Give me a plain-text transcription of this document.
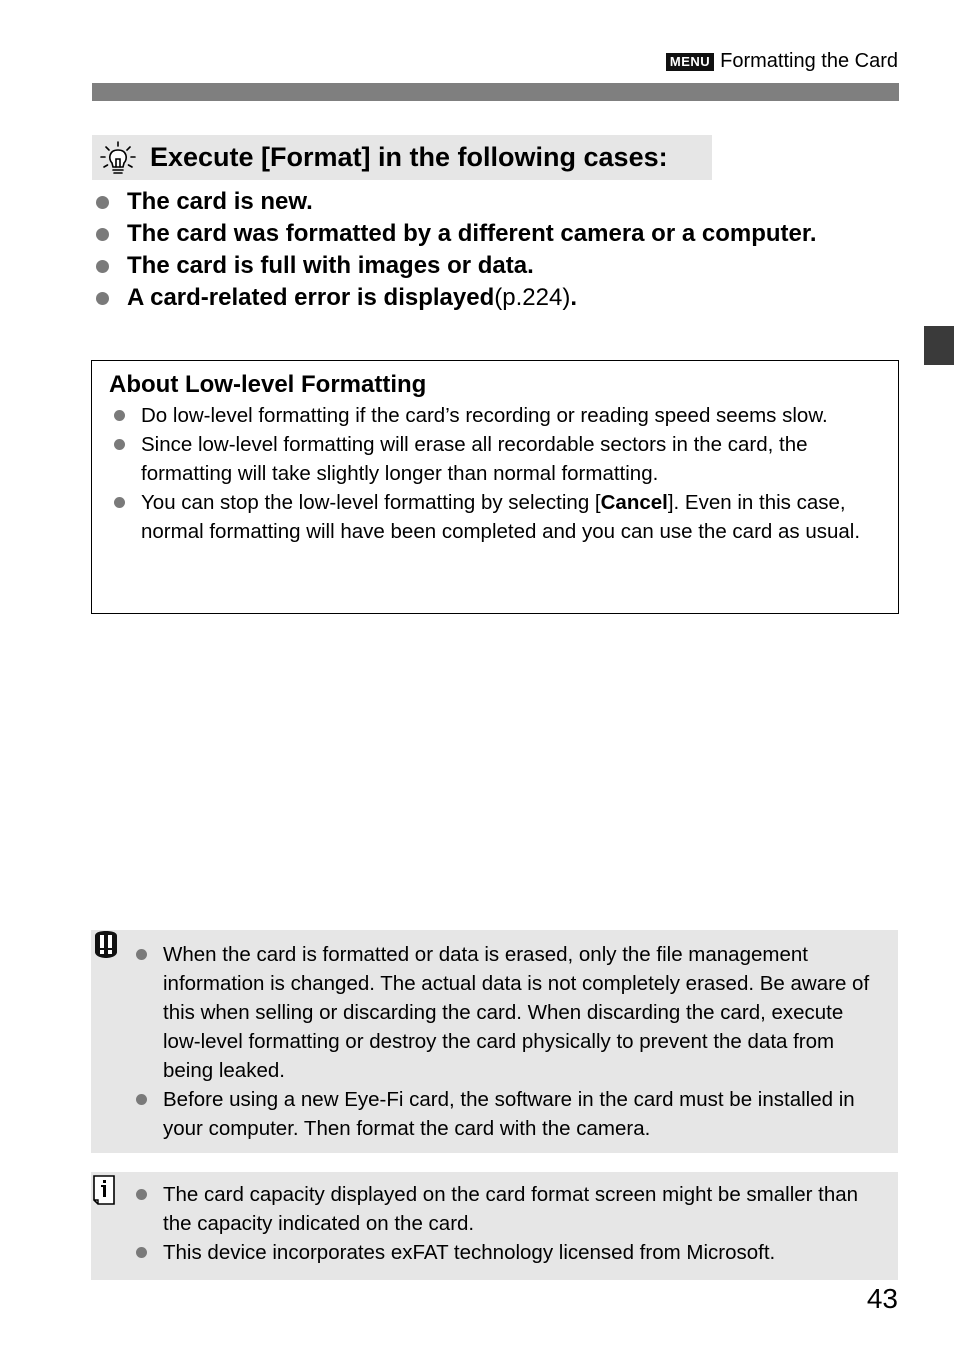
MENU Formatting the Card
Execute [Format] in the following cases:
The card is new.
The card was formatted by a different camera or a computer.
The card is full with images or data.
A card-related error is displayed (p.224) .
About Low-level Formatting
Do low-level formatting if the card’s recording or reading speed seems slow.
Since low-level formatting will erase all recordable sectors in the card, the formatting will take slightly longer than normal formatting.
You can stop the low-level formatting by selecting [Cancel]. Even in this case, normal formatting will have been completed and you can use the card as usual.
When the card is formatted or data is erased, only the file management information is changed. The actual data is not completely erased. Be aware of this when selling or discarding the card. When discarding the card, execute low-level formatting or destroy the card physically to prevent the data from being leaked.
Before using a new Eye-Fi card, the software in the card must be installed in your computer. Then format the card with the camera.
The card capacity displayed on the card format screen might be smaller than the capacity indicated on the card.
This device incorporates exFAT technology licensed from Microsoft.
43
